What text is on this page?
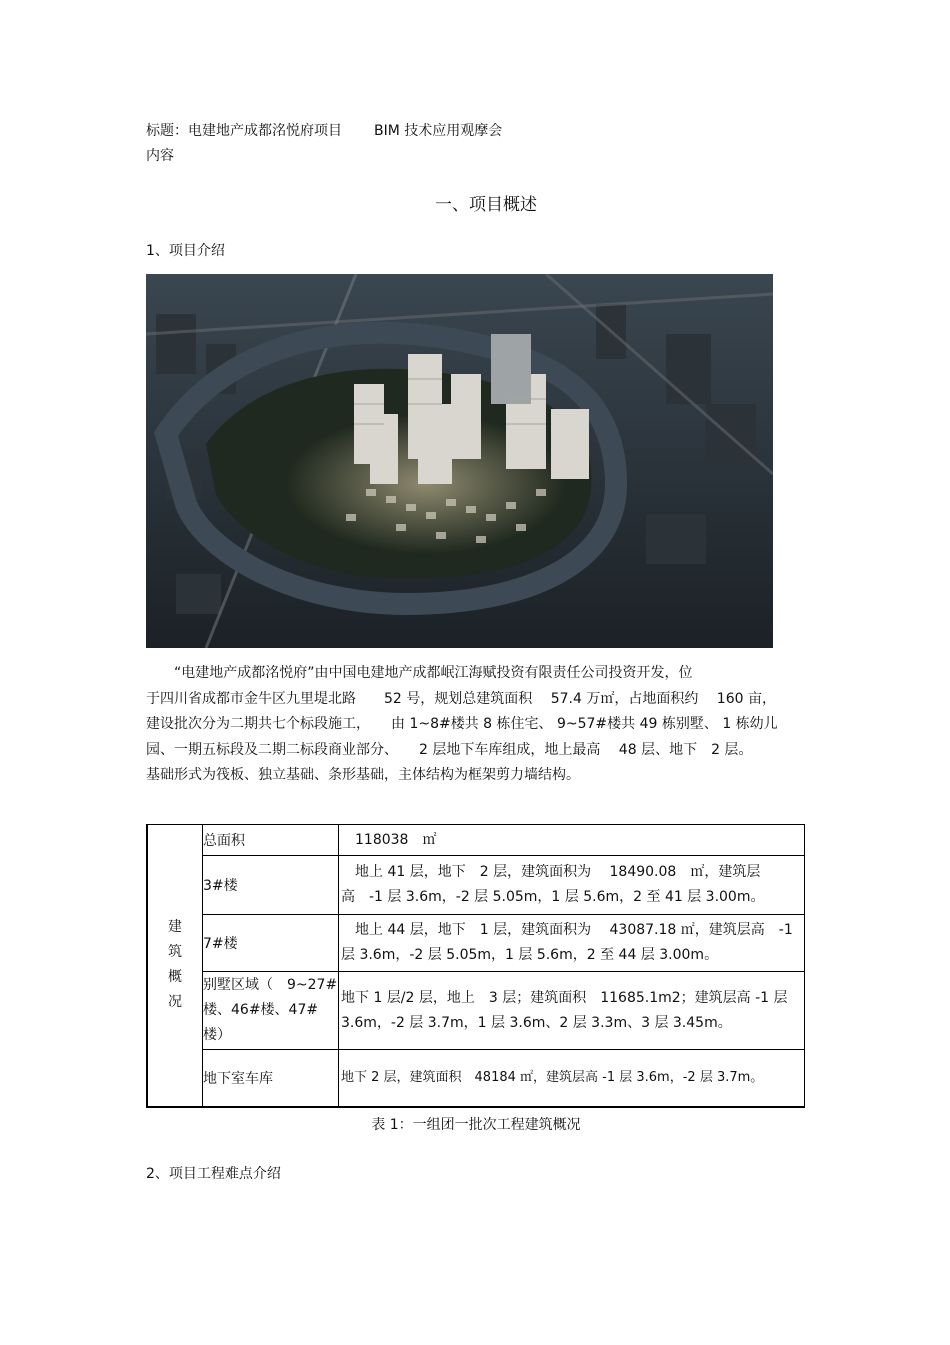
标题：电建地产成都洺悦府项目 BIM 技术应用观摩会
内容
一、项目概述
1、项目介绍

“电建地产成都洺悦府”由中国电建地产成都岷江海赋投资有限责任公司投资开发，位

于四川省成都市金牛区九里堤北路　　52 号，规划总建筑面积　 57.4 万㎡，占地面积约　 160 亩，

建设批次分为二期共七个标段施工，　　由 1~8#楼共 8 栋住宅、 9~57#楼共 49 栋别墅、 1 栋幼儿

园、一期五标段及二期二标段商业部分、　　2 层地下车库组成，地上最高　 48 层、地下　2 层。

基础形式为筏板、独立基础、条形基础，主体结构为框架剪力墙结构。

建筑概况	总面积	　118038　㎡
	3#楼	　地上 41 层，地下　2 层，建筑面积为　 18490.08　㎡，建筑层高　-1 层 3.6m，-2 层 5.05m，1 层 5.6m，2 至 41 层 3.00m。
	7#楼	　地上 44 层，地下　1 层，建筑面积为　 43087.18 ㎡，建筑层高　-1 层 3.6m，-2 层 5.05m，1 层 5.6m，2 至 44 层 3.00m。
	别墅区域（　9~27#楼、46#楼、47#楼）	地下 1 层/2 层，地上　3 层；建筑面积　11685.1m2；建筑层高 -1 层 3.6m，-2 层 3.7m，1 层 3.6m、2 层 3.3m、3 层 3.45m。
	地下室车库	地下 2 层，建筑面积　48184 ㎡，建筑层高 -1 层 3.6m，-2 层 3.7m。
表 1：一组团一批次工程建筑概况
2、项目工程难点介绍
